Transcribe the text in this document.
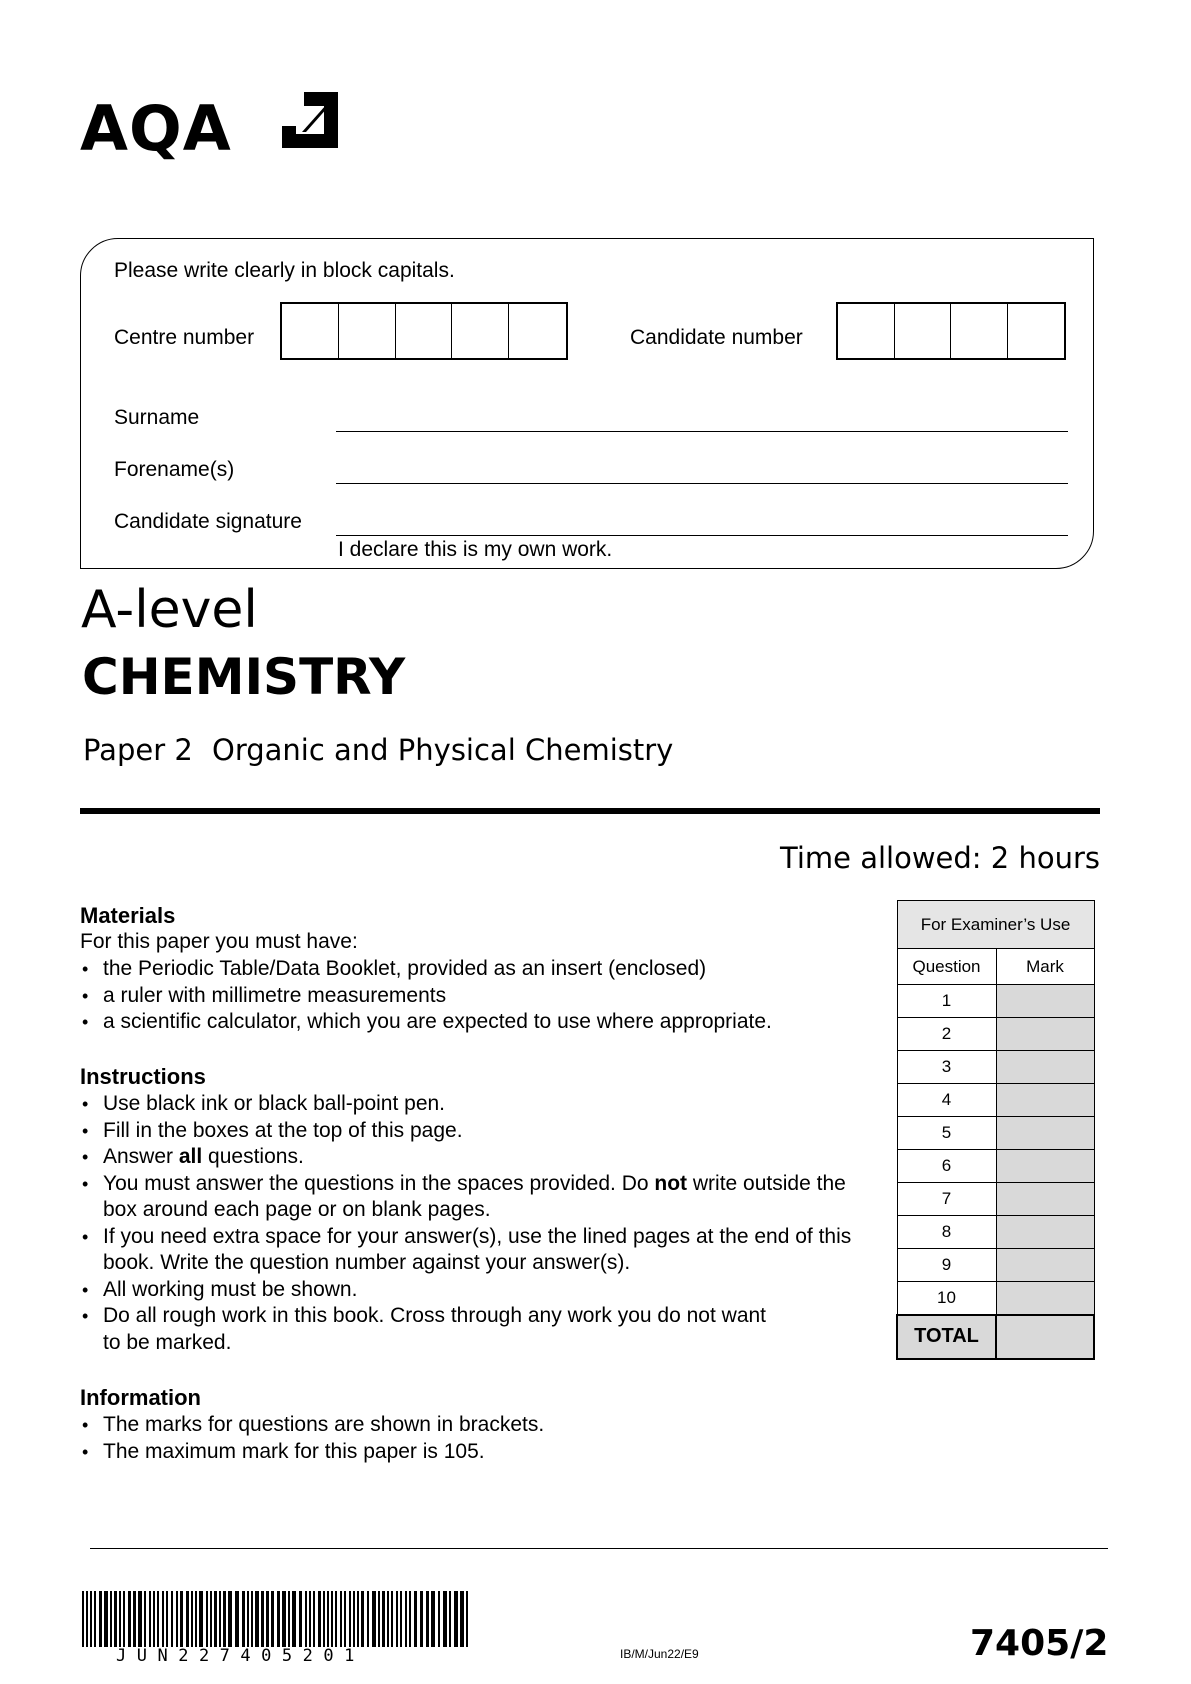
AQA
Please write clearly in block capitals.
Centre number	Candidate number
Surname
Forename(s)
Candidate signature
I declare this is my own work.
A-level
CHEMISTRY
Paper 2 Organic and Physical Chemistry
Time allowed: 2 hours
Materials
For this paper you must have:
• the Periodic Table/Data Booklet, provided as an insert (enclosed)
• a ruler with millimetre measurements
• a scientific calculator, which you are expected to use where appropriate.
Instructions
• Use black ink or black ball-point pen.
• Fill in the boxes at the top of this page.
• Answer all questions.
• You must answer the questions in the spaces provided. Do not write outside the box around each page or on blank pages.
• If you need extra space for your answer(s), use the lined pages at the end of this book. Write the question number against your answer(s).
• All working must be shown.
• Do all rough work in this book. Cross through any work you do not want to be marked.
Information
• The marks for questions are shown in brackets.
• The maximum mark for this paper is 105.
For Examiner’s Use	
Question	Mark
1	
2	
3	
4	
5	
6	
7	
8	
9	
10	
TOTAL	
JUN227405201	IB/M/Jun22/E9	7405/2
